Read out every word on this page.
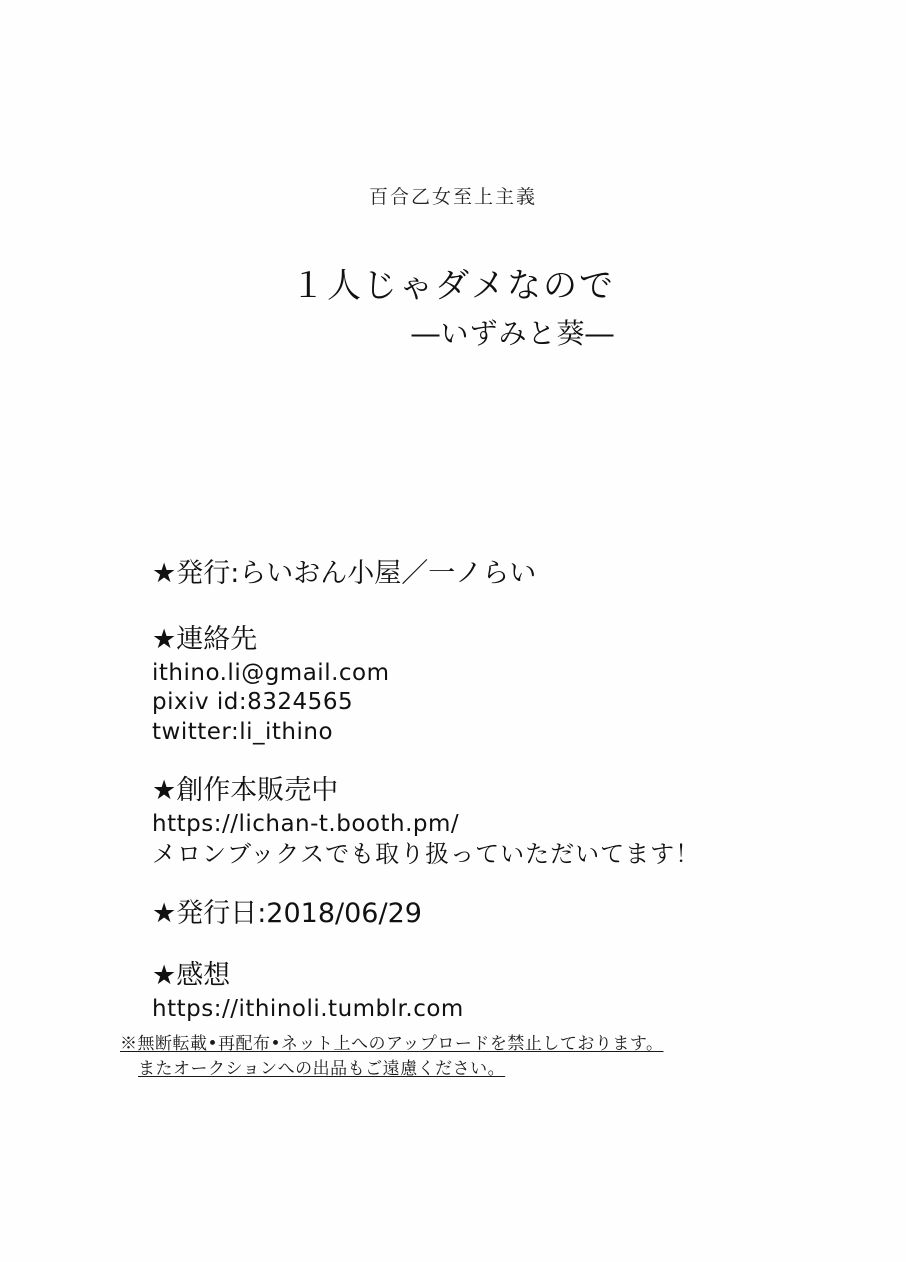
百合乙女至上主義
１人じゃダメなので
―いずみと葵―

★発行:らいおん小屋／一ノらい

★連絡先

ithino.li@gmail.com

pixiv id:8324565

twitter:li_ithino

★創作本販売中

https://lichan-t.booth.pm/

メロンブックスでも取り扱っていただいてます！

★発行日:2018/06/29

★感想

https://ithinoli.tumblr.com

※無断転載•再配布•ネット上へのアップロードを禁止しております。

またオークションへの出品もご遠慮ください。
